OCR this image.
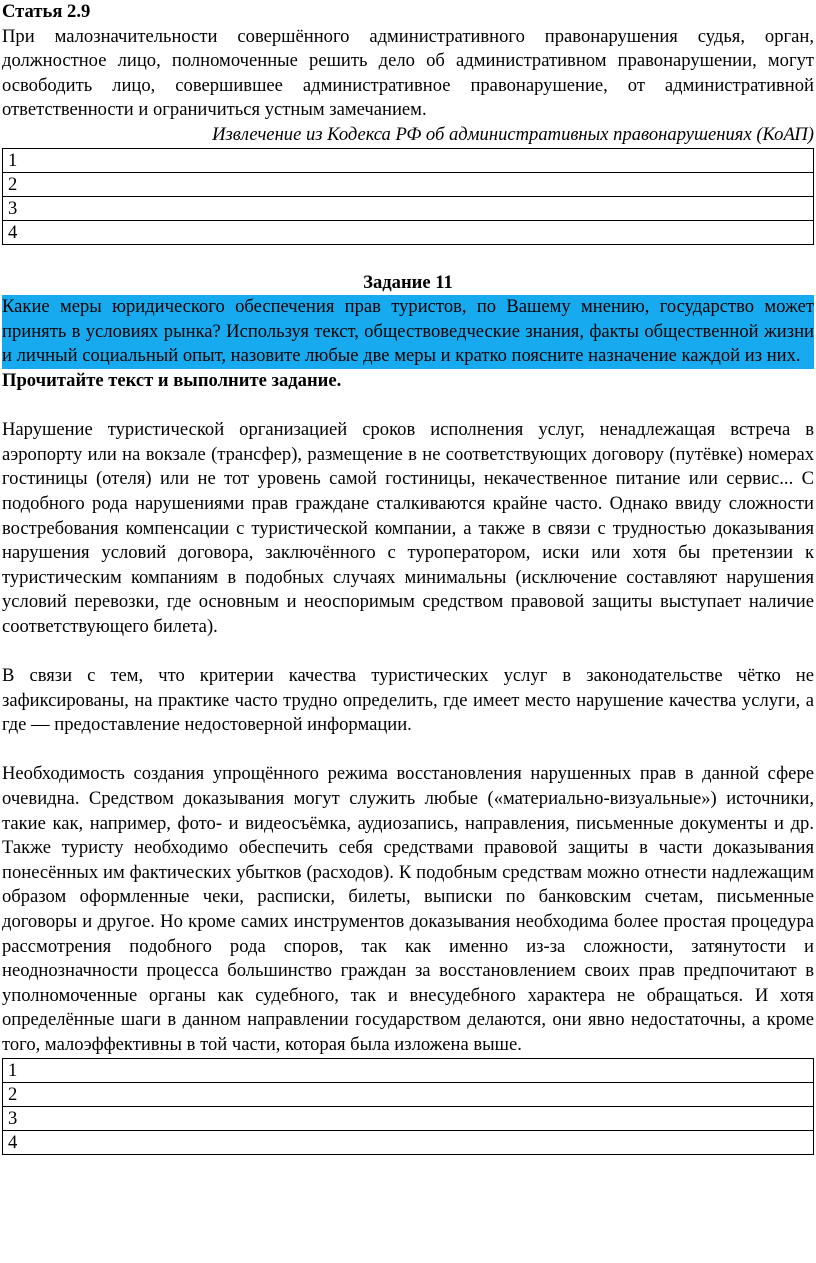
Статья 2.9

При малозначительности совершённого административного правонарушения судья, орган, должностное лицо, полномоченные решить дело об административном правонарушении, могут освободить лицо, совершившее административное правонарушение, от административной ответственности и ограничиться устным замечанием.

Извлечение из Кодекса РФ об административных правонарушениях (КоАП)

1
2
3
4

Задание 11

Какие меры юридического обеспечения прав туристов, по Вашему мнению, государство может принять в условиях рынка? Используя текст, обществоведческие знания, факты общественной жизни и личный социальный опыт, назовите любые две меры и кратко поясните назначение каждой из них.

Прочитайте текст и выполните задание.

Нарушение туристической организацией сроков исполнения услуг, ненадлежащая встреча в аэропорту или на вокзале (трансфер), размещение в не соответствующих договору (путёвке) номерах гостиницы (отеля) или не тот уровень самой гостиницы, некачественное питание или сервис... С подобного рода нарушениями прав граждане сталкиваются крайне часто. Однако ввиду сложности востребования компенсации с туристической компании, а также в связи с трудностью доказывания нарушения условий договора, заключённого с туроператором, иски или хотя бы претензии к туристическим компаниям в подобных случаях минимальны (исключение составляют нарушения условий перевозки, где основным и неоспоримым средством правовой защиты выступает наличие соответствующего билета).

В связи с тем, что критерии качества туристических услуг в законодательстве чётко не зафиксированы, на практике часто трудно определить, где имеет место нарушение качества услуги, а где — предоставление недостоверной информации.

Необходимость создания упрощённого режима восстановления нарушенных прав в данной сфере очевидна. Средством доказывания могут служить любые («материально-визуальные») источники, такие как, например, фото- и видеосъёмка, аудиозапись, направления, письменные документы и др. Также туристу необходимо обеспечить себя средствами правовой защиты в части доказывания понесённых им фактических убытков (расходов). К подобным средствам можно отнести надлежащим образом оформленные чеки, расписки, билеты, выписки по банковским счетам, письменные договоры и другое. Но кроме самих инструментов доказывания необходима более простая процедура рассмотрения подобного рода споров, так как именно из-за сложности, затянутости и неоднозначности процесса большинство граждан за восстановлением своих прав предпочитают в уполномоченные органы как судебного, так и внесудебного характера не обращаться. И хотя определённые шаги в данном направлении государством делаются, они явно недостаточны, а кроме того, малоэффективны в той части, которая была изложена выше.

1
2
3
4
